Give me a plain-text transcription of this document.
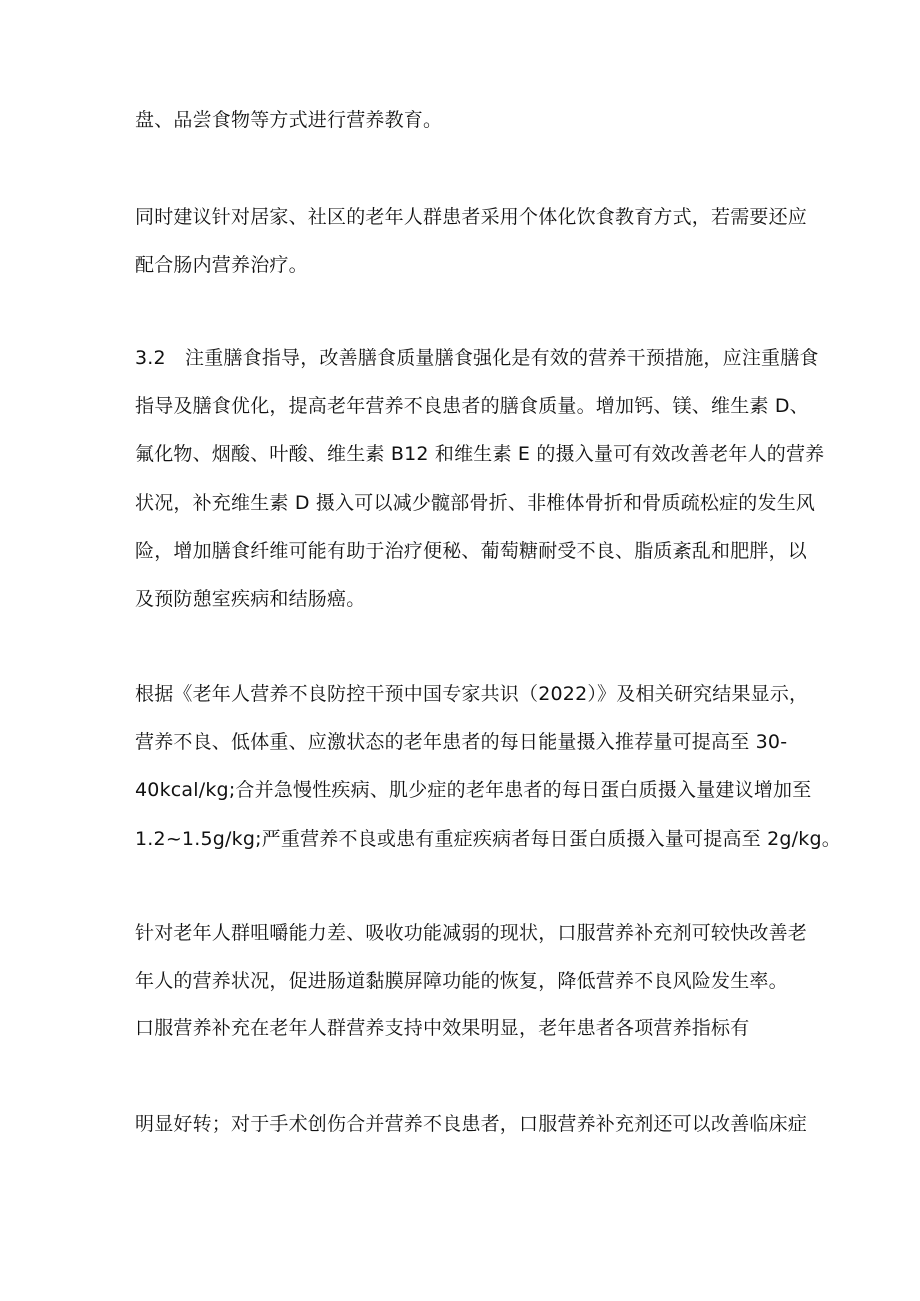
盘、品尝食物等方式进行营养教育。
同时建议针对居家、社区的老年人群患者采用个体化饮食教育方式，若需要还应
配合肠内营养治疗。
3.2　注重膳食指导，改善膳食质量膳食强化是有效的营养干预措施，应注重膳食
指导及膳食优化，提高老年营养不良患者的膳食质量。增加钙、镁、维生素 D、
氟化物、烟酸、叶酸、维生素 B12 和维生素 E 的摄入量可有效改善老年人的营养
状况，补充维生素 D 摄入可以减少髋部骨折、非椎体骨折和骨质疏松症的发生风
险，增加膳食纤维可能有助于治疗便秘、葡萄糖耐受不良、脂质紊乱和肥胖，以
及预防憩室疾病和结肠癌。
根据《老年人营养不良防控干预中国专家共识（2022）》及相关研究结果显示，
营养不良、低体重、应激状态的老年患者的每日能量摄入推荐量可提高至 30-
40kcal/kg;合并急慢性疾病、肌少症的老年患者的每日蛋白质摄入量建议增加至
1.2~1.5g/kg;严重营养不良或患有重症疾病者每日蛋白质摄入量可提高至 2g/kg。
针对老年人群咀嚼能力差、吸收功能减弱的现状，口服营养补充剂可较快改善老
年人的营养状况，促进肠道黏膜屏障功能的恢复，降低营养不良风险发生率。
口服营养补充在老年人群营养支持中效果明显，老年患者各项营养指标有
明显好转；对于手术创伤合并营养不良患者，口服营养补充剂还可以改善临床症
